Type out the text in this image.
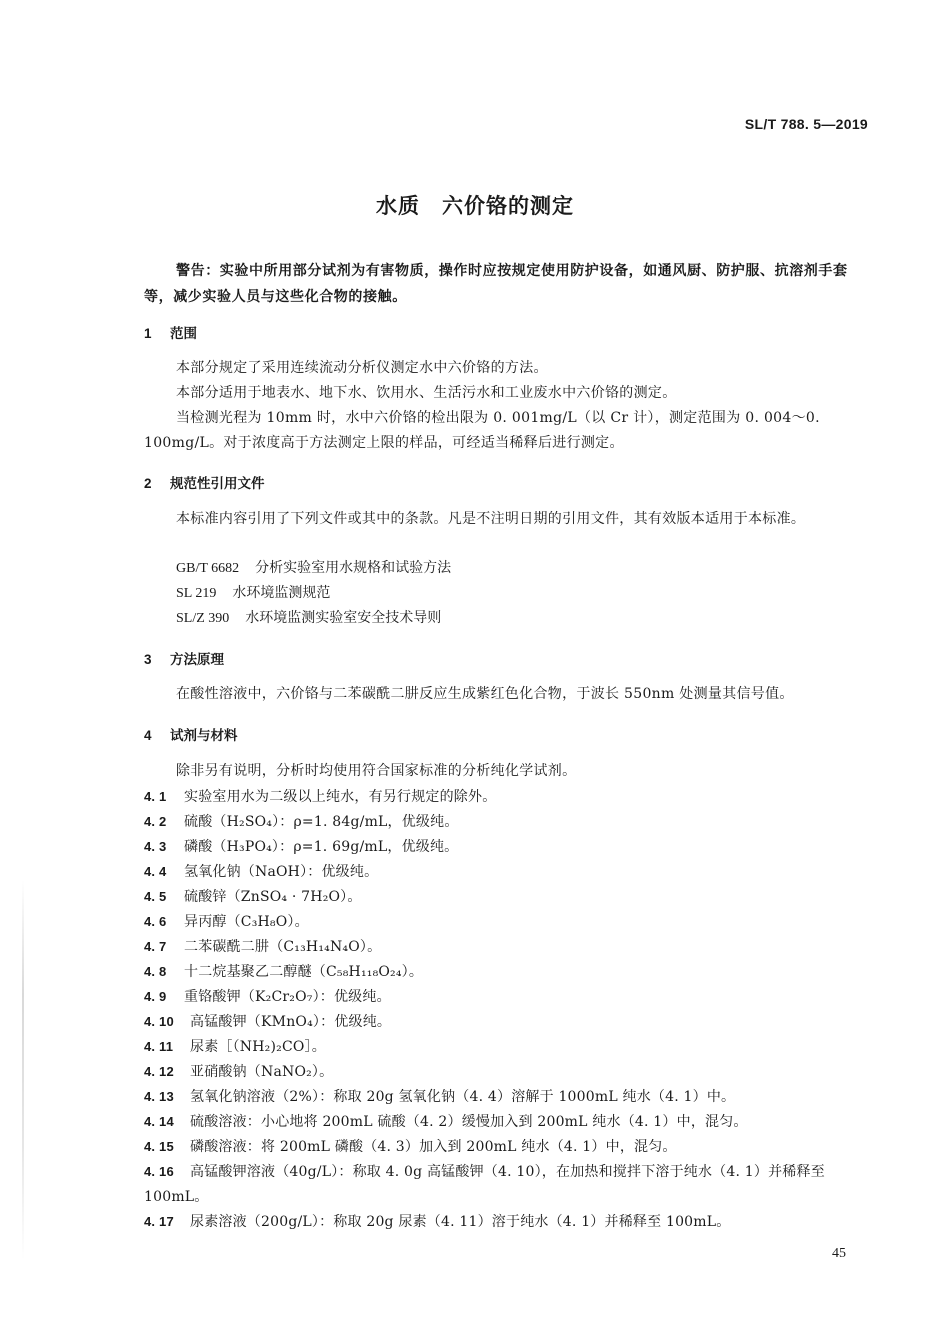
SL/T 788. 5—2019
水质 六价铬的测定
警告：实验中所用部分试剂为有害物质，操作时应按规定使用防护设备，如通风厨、防护服、抗溶剂手套等，减少实验人员与这些化合物的接触。
1 范围
本部分规定了采用连续流动分析仪测定水中六价铬的方法。
本部分适用于地表水、地下水、饮用水、生活污水和工业废水中六价铬的测定。
当检测光程为 10mm 时，水中六价铬的检出限为 0. 001mg/L（以 Cr 计），测定范围为 0. 004～0. 100mg/L。对于浓度高于方法测定上限的样品，可经适当稀释后进行测定。
2 规范性引用文件
本标准内容引用了下列文件或其中的条款。凡是不注明日期的引用文件，其有效版本适用于本标准。
GB/T 6682 分析实验室用水规格和试验方法
SL 219 水环境监测规范
SL/Z 390 水环境监测实验室安全技术导则
3 方法原理
在酸性溶液中，六价铬与二苯碳酰二肼反应生成紫红色化合物，于波长 550nm 处测量其信号值。
4 试剂与材料
除非另有说明，分析时均使用符合国家标准的分析纯化学试剂。
4. 1 实验室用水为二级以上纯水，有另行规定的除外。
4. 2 硫酸（H₂SO₄）：ρ=1. 84g/mL，优级纯。
4. 3 磷酸（H₃PO₄）：ρ=1. 69g/mL，优级纯。
4. 4 氢氧化钠（NaOH）：优级纯。
4. 5 硫酸锌（ZnSO₄ · 7H₂O）。
4. 6 异丙醇（C₃H₈O）。
4. 7 二苯碳酰二肼（C₁₃H₁₄N₄O）。
4. 8 十二烷基聚乙二醇醚（C₅₈H₁₁₈O₂₄）。
4. 9 重铬酸钾（K₂Cr₂O₇）：优级纯。
4. 10 高锰酸钾（KMnO₄）：优级纯。
4. 11 尿素［（NH₂)₂CO］。
4. 12 亚硝酸钠（NaNO₂）。
4. 13 氢氧化钠溶液（2%）：称取 20g 氢氧化钠（4. 4）溶解于 1000mL 纯水（4. 1）中。
4. 14 硫酸溶液：小心地将 200mL 硫酸（4. 2）缓慢加入到 200mL 纯水（4. 1）中，混匀。
4. 15 磷酸溶液：将 200mL 磷酸（4. 3）加入到 200mL 纯水（4. 1）中，混匀。
4. 16 高锰酸钾溶液（40g/L）：称取 4. 0g 高锰酸钾（4. 10），在加热和搅拌下溶于纯水（4. 1）并稀释至 100mL。
4. 17 尿素溶液（200g/L）：称取 20g 尿素（4. 11）溶于纯水（4. 1）并稀释至 100mL。
45
